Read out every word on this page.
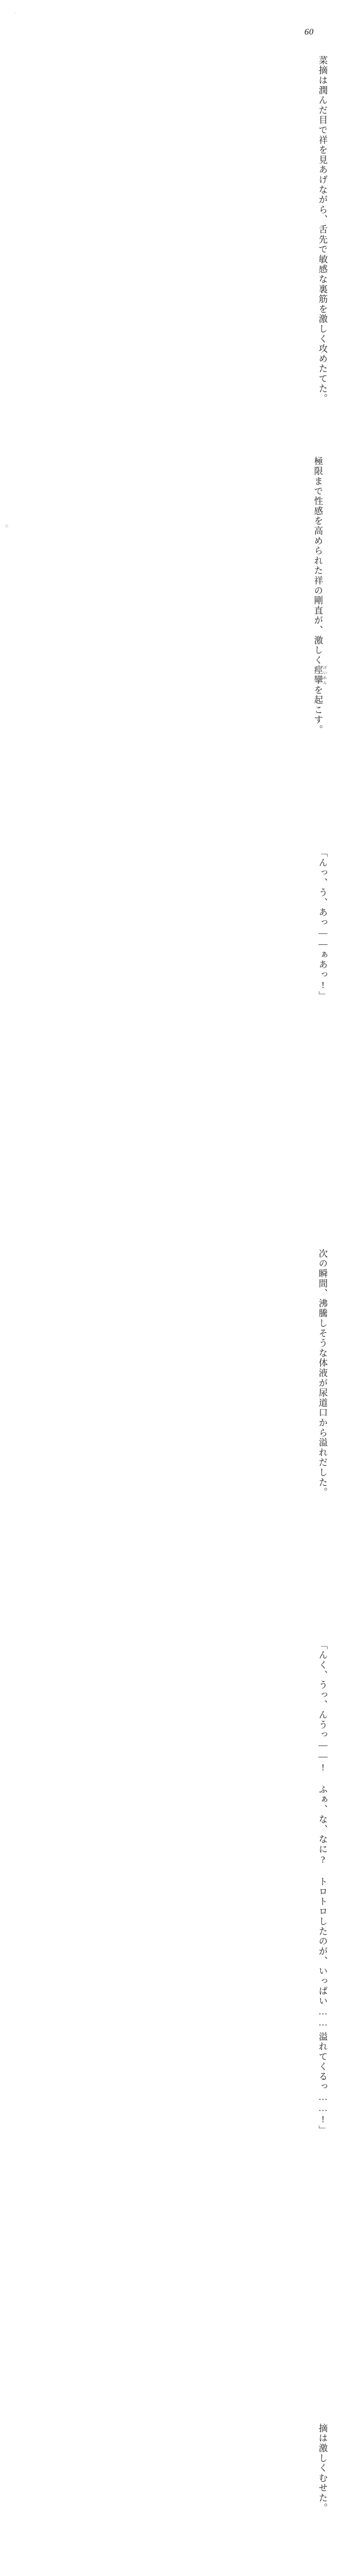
·
60
菜摘は潤んだ目で祥を見あげながら、舌先で敏感な裏筋を激しく攻めたてた。
極限まで性感を高められた祥の剛直が、激しく痙攣けいれんを起こす。
「んっ、う、あっ——ぁあっ!」
次の瞬間、沸騰しそうな体液が尿道口から溢れだした。
「んく、うっ、んうっ——! ふぁ、な、なに? トロトロしたのが、いっぱい……
溢れてくるっ……!」
摘は激しくむせた。
